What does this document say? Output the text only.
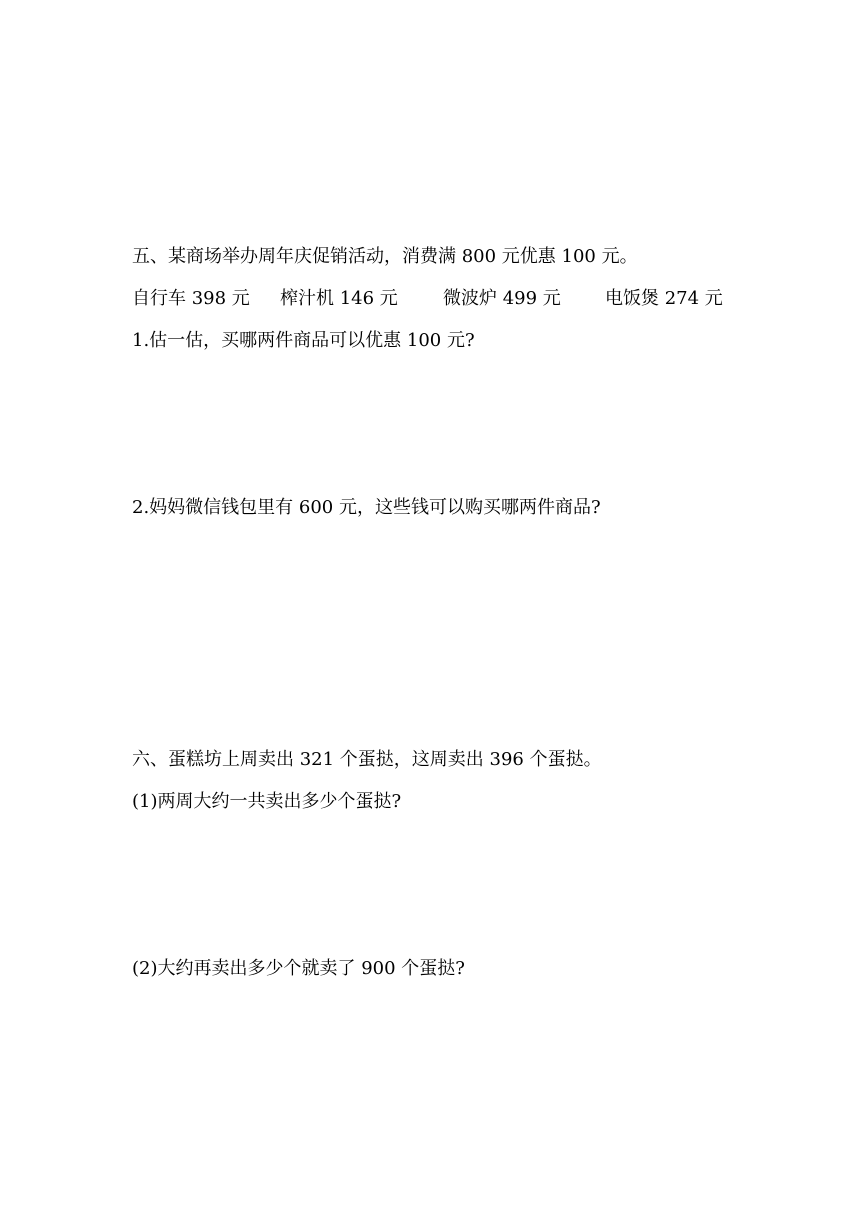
五、某商场举办周年庆促销活动，消费满 800 元优惠 100 元。
自行车 398 元 榨汁机 146 元	微波炉 499 元 电饭煲 274 元
1.估一估，买哪两件商品可以优惠 100 元?
2.妈妈微信钱包里有 600 元，这些钱可以购买哪两件商品?
六、蛋糕坊上周卖出 321 个蛋挞，这周卖出 396 个蛋挞。
(1)两周大约一共卖出多少个蛋挞?
(2)大约再卖出多少个就卖了 900 个蛋挞?
